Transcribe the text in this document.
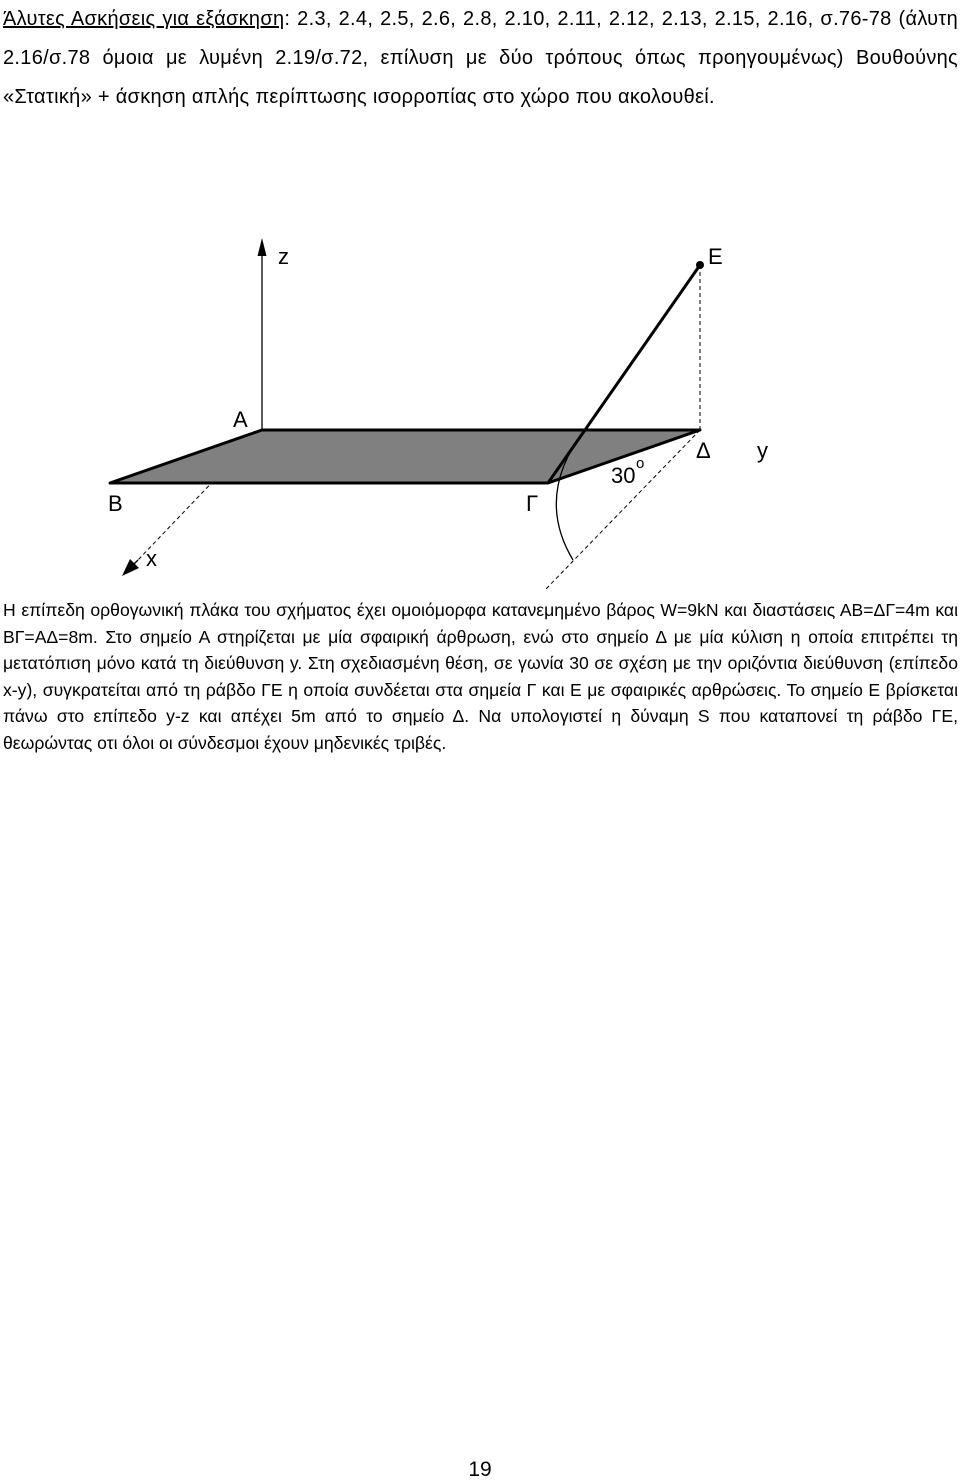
Άλυτες Ασκήσεις για εξάσκηση: 2.3, 2.4, 2.5, 2.6, 2.8, 2.10, 2.11, 2.12, 2.13, 2.15, 2.16, σ.76-78 (άλυτη 2.16/σ.78 όμοια με λυμένη 2.19/σ.72, επίλυση με δύο τρόπους όπως προηγουμένως) Βουθούνης «Στατική» + άσκηση απλής περίπτωσης ισορροπίας στο χώρο που ακολουθεί.
z	Ε
Α
Δ y
Β	Γ
30 o
x
Η επίπεδη ορθογωνική πλάκα του σχήματος έχει ομοιόμορφα κατανεμημένο βάρος W=9kN και διαστάσεις ΑΒ=ΔΓ=4m και ΒΓ=ΑΔ=8m. Στο σημείο Α στηρίζεται με μία σφαιρική άρθρωση, ενώ στο σημείο Δ με μία κύλιση η οποία επιτρέπει τη μετατόπιση μόνο κατά τη διεύθυνση y. Στη σχεδιασμένη θέση, σε γωνία 30 σε σχέση με την οριζόντια διεύθυνση (επίπεδο x-y), συγκρατείται από τη ράβδο ΓΕ η οποία συνδέεται στα σημεία Γ και Ε με σφαιρικές αρθρώσεις. Το σημείο Ε βρίσκεται πάνω στο επίπεδο y-z και απέχει 5m από το σημείο Δ. Να υπολογιστεί η δύναμη S που καταπονεί τη ράβδο ΓΕ, θεωρώντας οτι όλοι οι σύνδεσμοι έχουν μηδενικές τριβές.
19
